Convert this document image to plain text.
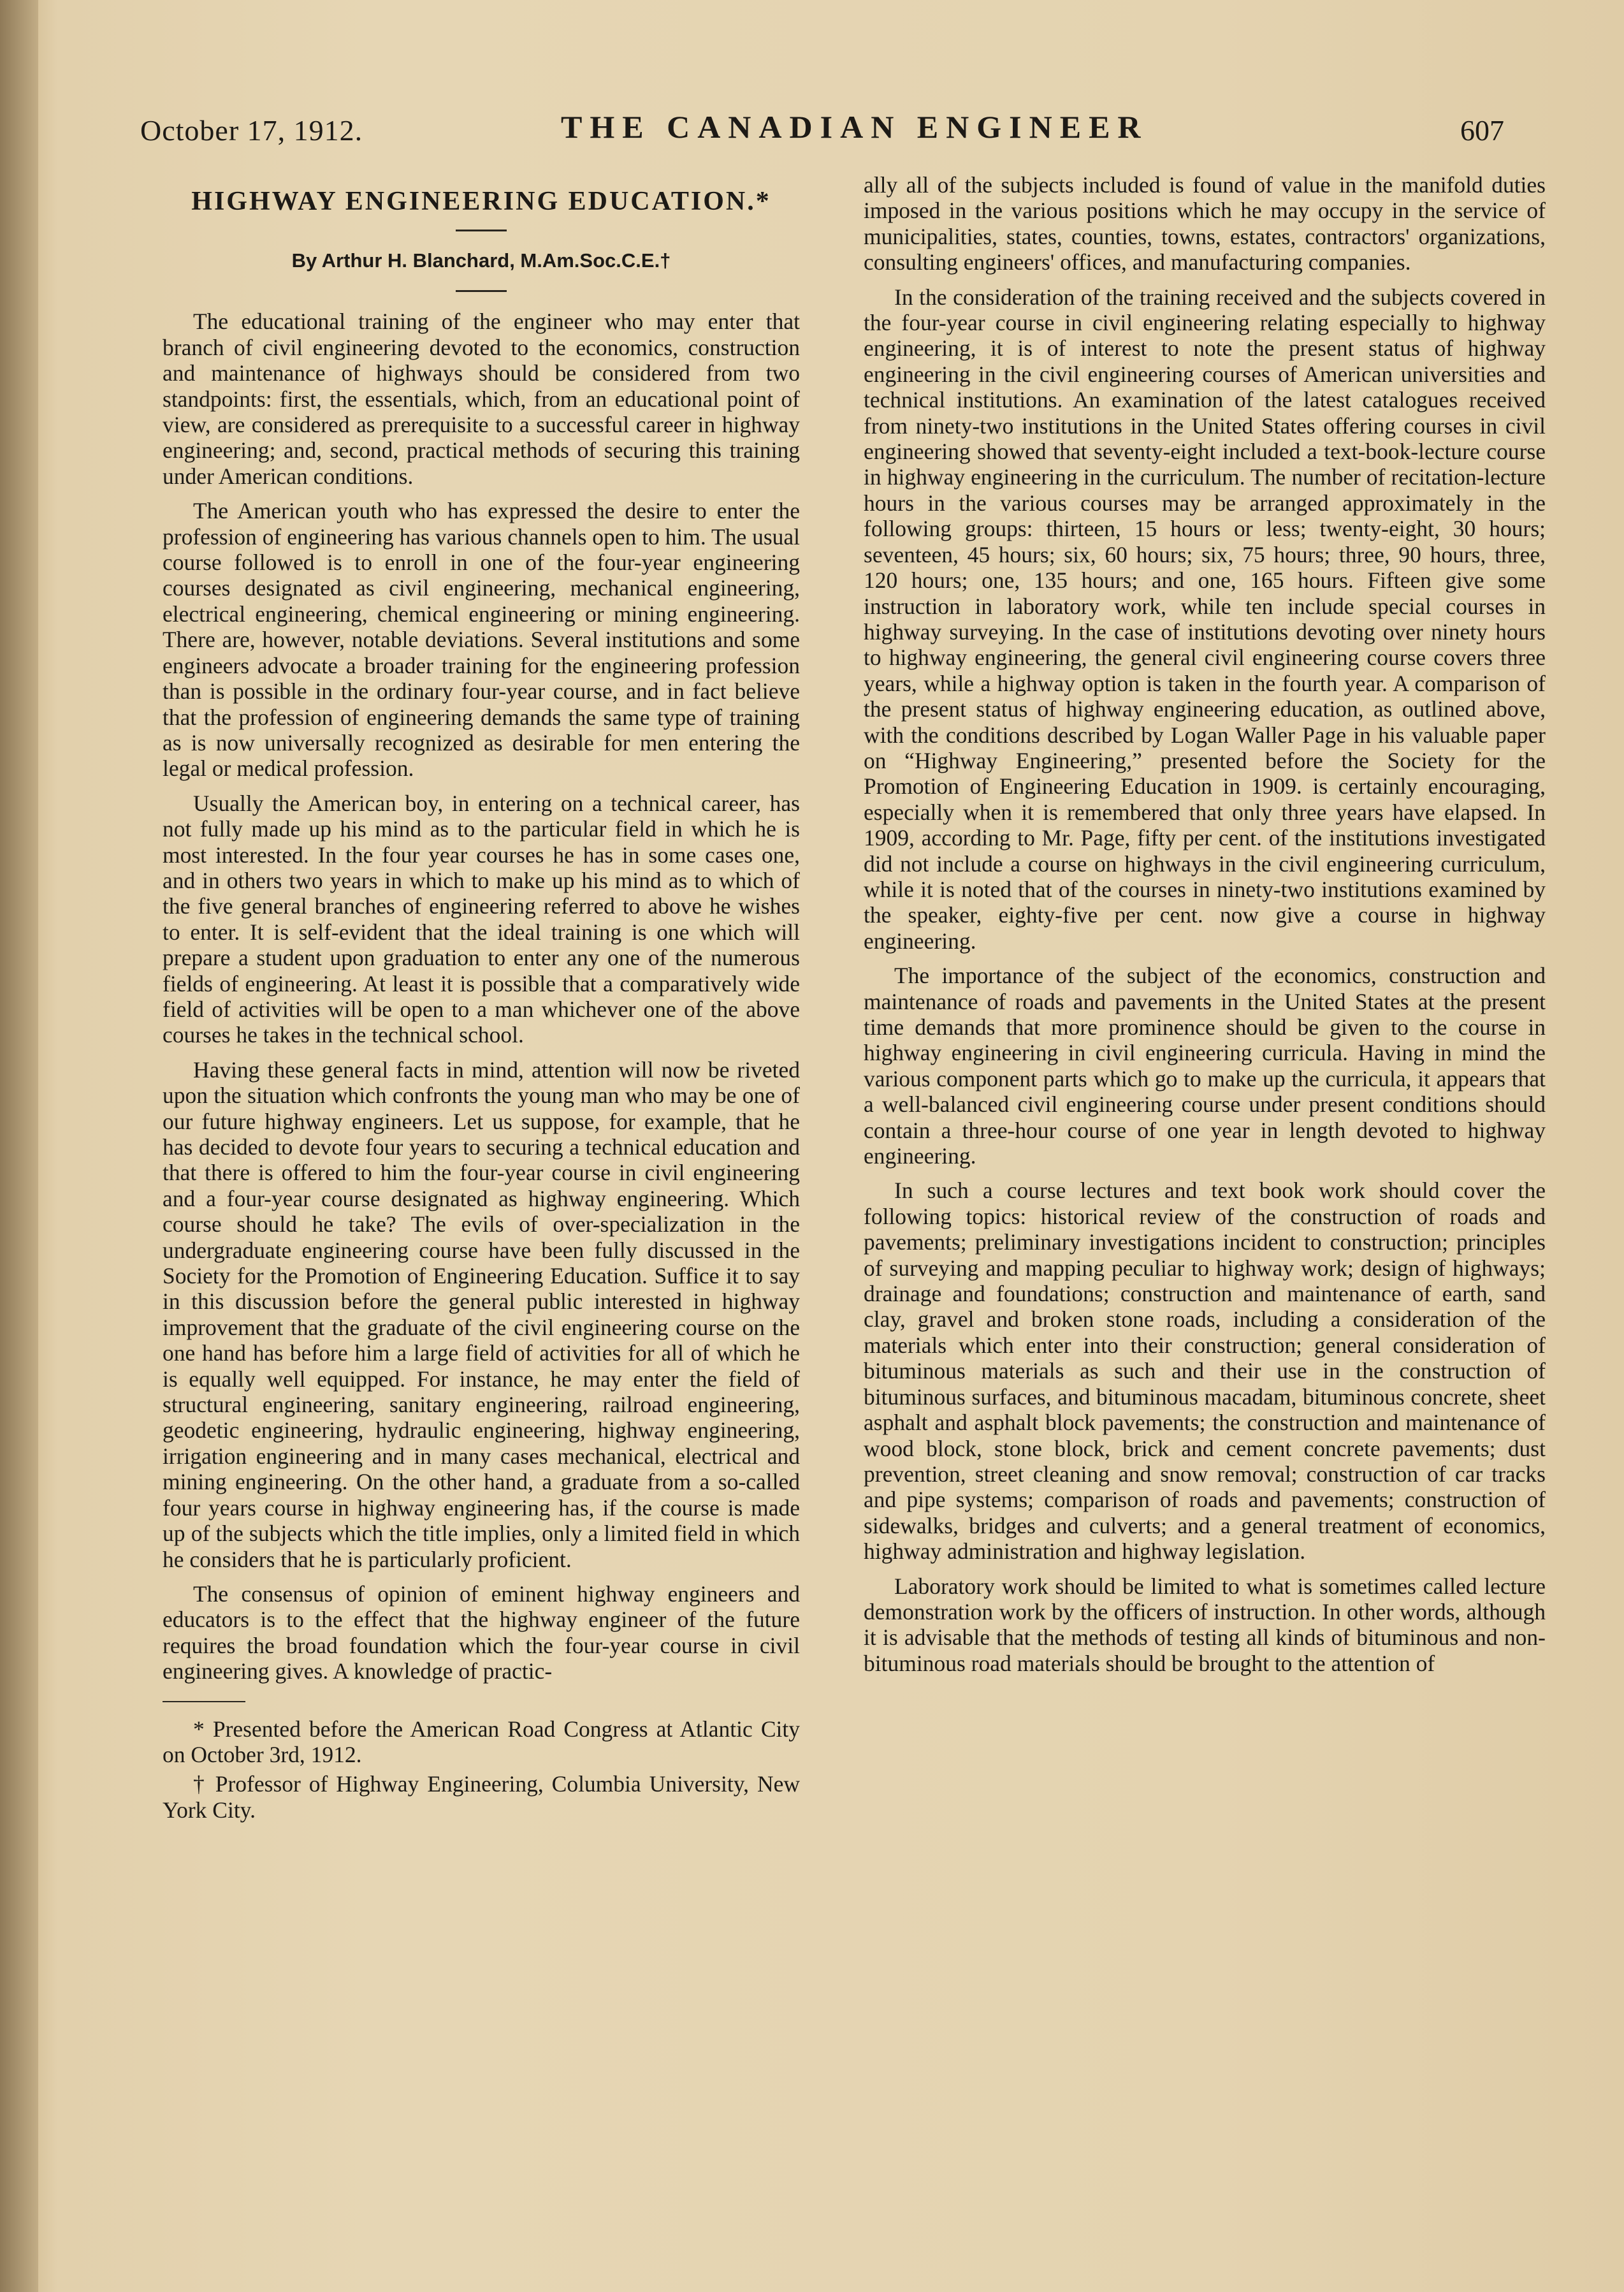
October 17, 1912.	THE CANADIAN ENGINEER	607
HIGHWAY ENGINEERING EDUCATION.*
By Arthur H. Blanchard, M.Am.Soc.C.E.†

The educational training of the engineer who may enter that branch of civil engineering devoted to the economics, construction and maintenance of highways should be considered from two standpoints: first, the essentials, which, from an educational point of view, are considered as prerequisite to a successful career in highway engineering; and, second, practical methods of securing this training under American conditions.

The American youth who has expressed the desire to enter the profession of engineering has various channels open to him. The usual course followed is to enroll in one of the four-year engineering courses designated as civil engineering, mechanical engineering, electrical engineering, chemical engineering or mining engineering. There are, however, notable deviations. Several institutions and some engineers advocate a broader training for the engineering profession than is possible in the ordinary four-year course, and in fact believe that the profession of engineering demands the same type of training as is now universally recognized as desirable for men entering the legal or medical profession.

Usually the American boy, in entering on a technical career, has not fully made up his mind as to the particular field in which he is most interested. In the four year courses he has in some cases one, and in others two years in which to make up his mind as to which of the five general branches of engineering referred to above he wishes to enter. It is self-evident that the ideal training is one which will prepare a student upon graduation to enter any one of the numerous fields of engineering. At least it is possible that a comparatively wide field of activities will be open to a man whichever one of the above courses he takes in the technical school.

Having these general facts in mind, attention will now be riveted upon the situation which confronts the young man who may be one of our future highway engineers. Let us suppose, for example, that he has decided to devote four years to securing a technical education and that there is offered to him the four-year course in civil engineering and a four-year course designated as highway engineering. Which course should he take? The evils of over-specialization in the undergraduate engineering course have been fully discussed in the Society for the Promotion of Engineering Education. Suffice it to say in this discussion before the general public interested in highway improvement that the graduate of the civil engineering course on the one hand has before him a large field of activities for all of which he is equally well equipped. For instance, he may enter the field of structural engineering, sanitary engineering, railroad engineering, geodetic engineering, hydraulic engineering, highway engineering, irrigation engineering and in many cases mechanical, electrical and mining engineering. On the other hand, a graduate from a so-called four years course in highway engineering has, if the course is made up of the subjects which the title implies, only a limited field in which he considers that he is particularly proficient.

The consensus of opinion of eminent highway engineers and educators is to the effect that the highway engineer of the future requires the broad foundation which the four-year course in civil engineering gives. A knowledge of practic-

* Presented before the American Road Congress at Atlantic City on October 3rd, 1912.

† Professor of Highway Engineering, Columbia University, New York City.

ally all of the subjects included is found of value in the manifold duties imposed in the various positions which he may occupy in the service of municipalities, states, counties, towns, estates, contractors' organizations, consulting engineers' offices, and manufacturing companies.

In the consideration of the training received and the subjects covered in the four-year course in civil engineering relating especially to highway engineering, it is of interest to note the present status of highway engineering in the civil engineering courses of American universities and technical institutions. An examination of the latest catalogues received from ninety-two institutions in the United States offering courses in civil engineering showed that seventy-eight included a text-book-lecture course in highway engineering in the curriculum. The number of recitation-lecture hours in the various courses may be arranged approximately in the following groups: thirteen, 15 hours or less; twenty-eight, 30 hours; seventeen, 45 hours; six, 60 hours; six, 75 hours; three, 90 hours, three, 120 hours; one, 135 hours; and one, 165 hours. Fifteen give some instruction in laboratory work, while ten include special courses in highway surveying. In the case of institutions devoting over ninety hours to highway engineering, the general civil engineering course covers three years, while a highway option is taken in the fourth year. A comparison of the present status of highway engineering education, as outlined above, with the conditions described by Logan Waller Page in his valuable paper on “Highway Engineering,” presented before the Society for the Promotion of Engineering Education in 1909. is certainly encouraging, especially when it is remembered that only three years have elapsed. In 1909, according to Mr. Page, fifty per cent. of the institutions investigated did not include a course on highways in the civil engineering curriculum, while it is noted that of the courses in ninety-two institutions examined by the speaker, eighty-five per cent. now give a course in highway engineering.

The importance of the subject of the economics, construction and maintenance of roads and pavements in the United States at the present time demands that more prominence should be given to the course in highway engineering in civil engineering curricula. Having in mind the various component parts which go to make up the curricula, it appears that a well-balanced civil engineering course under present conditions should contain a three-hour course of one year in length devoted to highway engineering.

In such a course lectures and text book work should cover the following topics: historical review of the construction of roads and pavements; preliminary investigations incident to construction; principles of surveying and mapping peculiar to highway work; design of highways; drainage and foundations; construction and maintenance of earth, sand clay, gravel and broken stone roads, including a consideration of the materials which enter into their construction; general consideration of bituminous materials as such and their use in the construction of bituminous surfaces, and bituminous macadam, bituminous concrete, sheet asphalt and asphalt block pavements; the construction and maintenance of wood block, stone block, brick and cement concrete pavements; dust prevention, street cleaning and snow removal; construction of car tracks and pipe systems; comparison of roads and pavements; construction of sidewalks, bridges and culverts; and a general treatment of economics, highway administration and highway legislation.

Laboratory work should be limited to what is sometimes called lecture demonstration work by the officers of instruction. In other words, although it is advisable that the methods of testing all kinds of bituminous and non-bituminous road materials should be brought to the attention of
